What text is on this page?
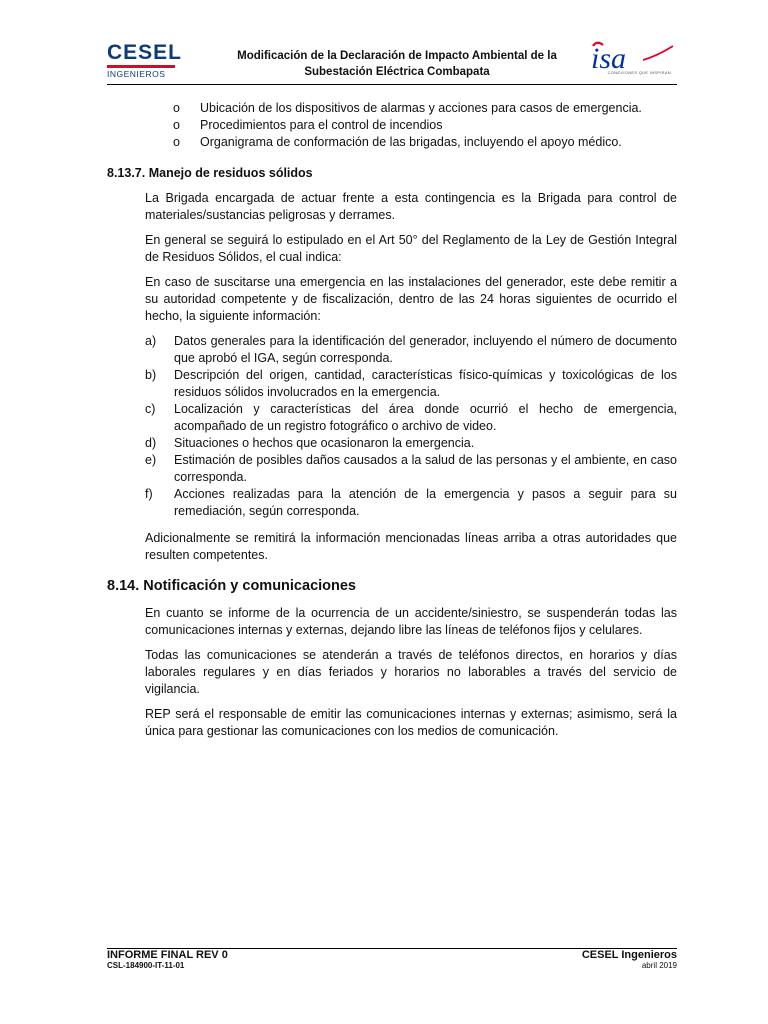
CESEL
INGENIEROS
Modificación de la Declaración de Impacto Ambiental de la
Subestación Eléctrica Combapata	isa
CONEXIONES QUE INSPIRAN
o Ubicación de los dispositivos de alarmas y acciones para casos de emergencia.
o Procedimientos para el control de incendios
o Organigrama de conformación de las brigadas, incluyendo el apoyo médico.
8.13.7. Manejo de residuos sólidos

La Brigada encargada de actuar frente a esta contingencia es la Brigada para control de materiales/sustancias peligrosas y derrames.

En general se seguirá lo estipulado en el Art 50° del Reglamento de la Ley de Gestión Integral de Residuos Sólidos, el cual indica:

En caso de suscitarse una emergencia en las instalaciones del generador, este debe remitir a su autoridad competente y de fiscalización, dentro de las 24 horas siguientes de ocurrido el hecho, la siguiente información:

a) Datos generales para la identificación del generador, incluyendo el número de documento que aprobó el IGA, según corresponda.
b) Descripción del origen, cantidad, características físico-químicas y toxicológicas de los residuos sólidos involucrados en la emergencia.
c) Localización y características del área donde ocurrió el hecho de emergencia, acompañado de un registro fotográfico o archivo de video.
d) Situaciones o hechos que ocasionaron la emergencia.
e) Estimación de posibles daños causados a la salud de las personas y el ambiente, en caso corresponda.
f) Acciones realizadas para la atención de la emergencia y pasos a seguir para su remediación, según corresponda.

Adicionalmente se remitirá la información mencionadas líneas arriba a otras autoridades que resulten competentes.

8.14. Notificación y comunicaciones

En cuanto se informe de la ocurrencia de un accidente/siniestro, se suspenderán todas las comunicaciones internas y externas, dejando libre las líneas de teléfonos fijos y celulares.

Todas las comunicaciones se atenderán a través de teléfonos directos, en horarios y días laborales regulares y en días feriados y horarios no laborables a través del servicio de vigilancia.

REP será el responsable de emitir las comunicaciones internas y externas; asimismo, será la única para gestionar las comunicaciones con los medios de comunicación.

INFORME FINAL REV 0	CESEL Ingenieros
CSL-184900-IT-11-01	abril 2019
